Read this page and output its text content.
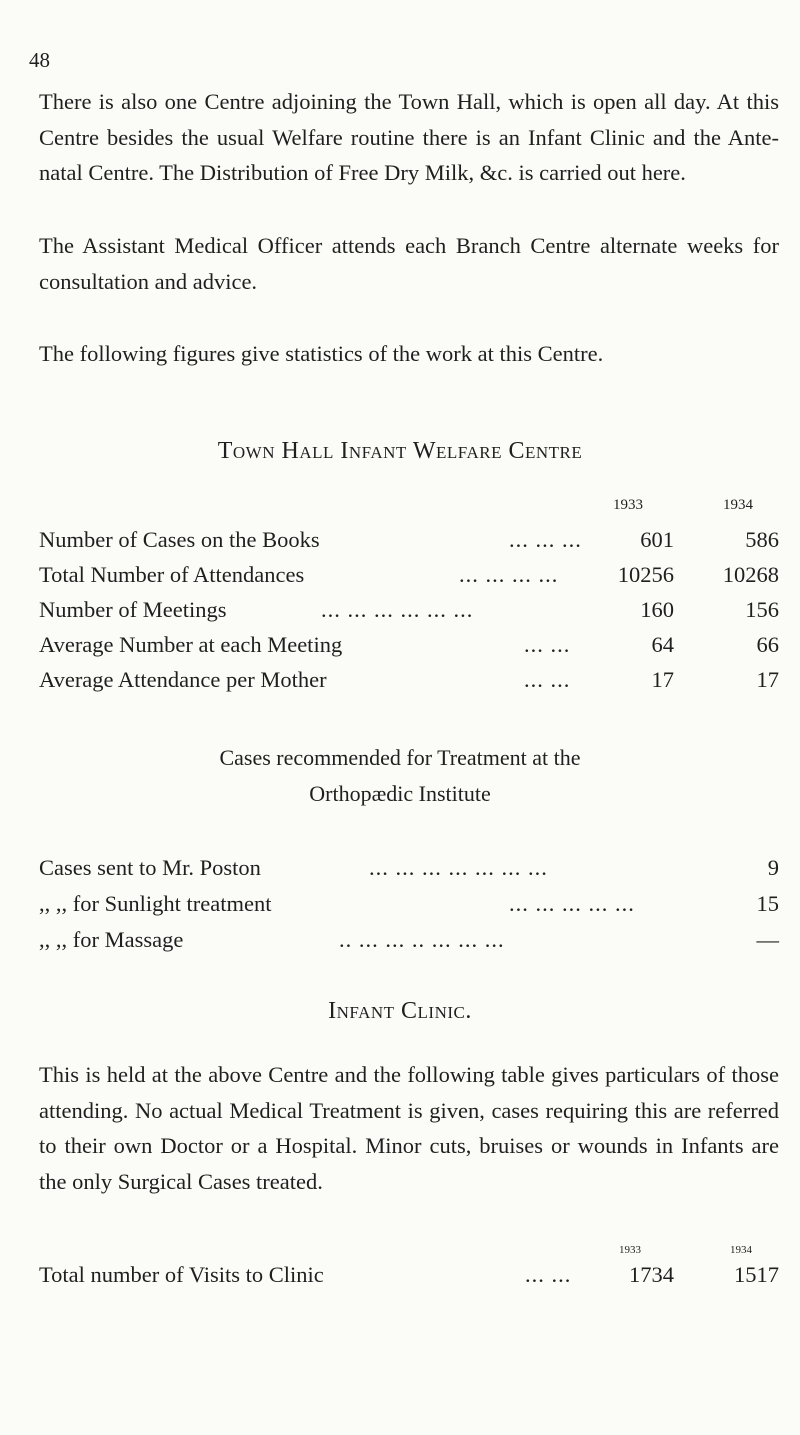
48

There is also one Centre adjoining the Town Hall, which is open all day. At this Centre besides the usual Welfare routine there is an Infant Clinic and the Ante-natal Centre. The Distribution of Free Dry Milk, &c. is carried out here.

The Assistant Medical Officer attends each Branch Centre alternate weeks for consultation and advice.

The following figures give statistics of the work at this Centre.

Town Hall Infant Welfare Centre

1933	1934
Number of Cases on the Books	... ... ...	601	586
Total Number of Attendances	... ... ... ...	10256 10268
Number of Meetings	... ... ... ... ... ...	160	156
Average Number at each Meeting	... ...	64	66
Average Attendance per Mother	... ...	17	17

Cases recommended for Treatment at the

Orthopædic Institute

Cases sent to Mr. Poston	... ... ... ... ... ... ...	9
,, ,, for Sunlight treatment	... ... ... ... ...	15
,, ,, for Massage	.. ... ... .. ... ... ...	—

Infant Clinic.

This is held at the above Centre and the following table gives particulars of those attending. No actual Medical Treatment is given, cases requiring this are referred to their own Doctor or a Hospital. Minor cuts, bruises or wounds in Infants are the only Surgical Cases treated.

1933	1934
Total number of Visits to Clinic	... ...	1734	1517
